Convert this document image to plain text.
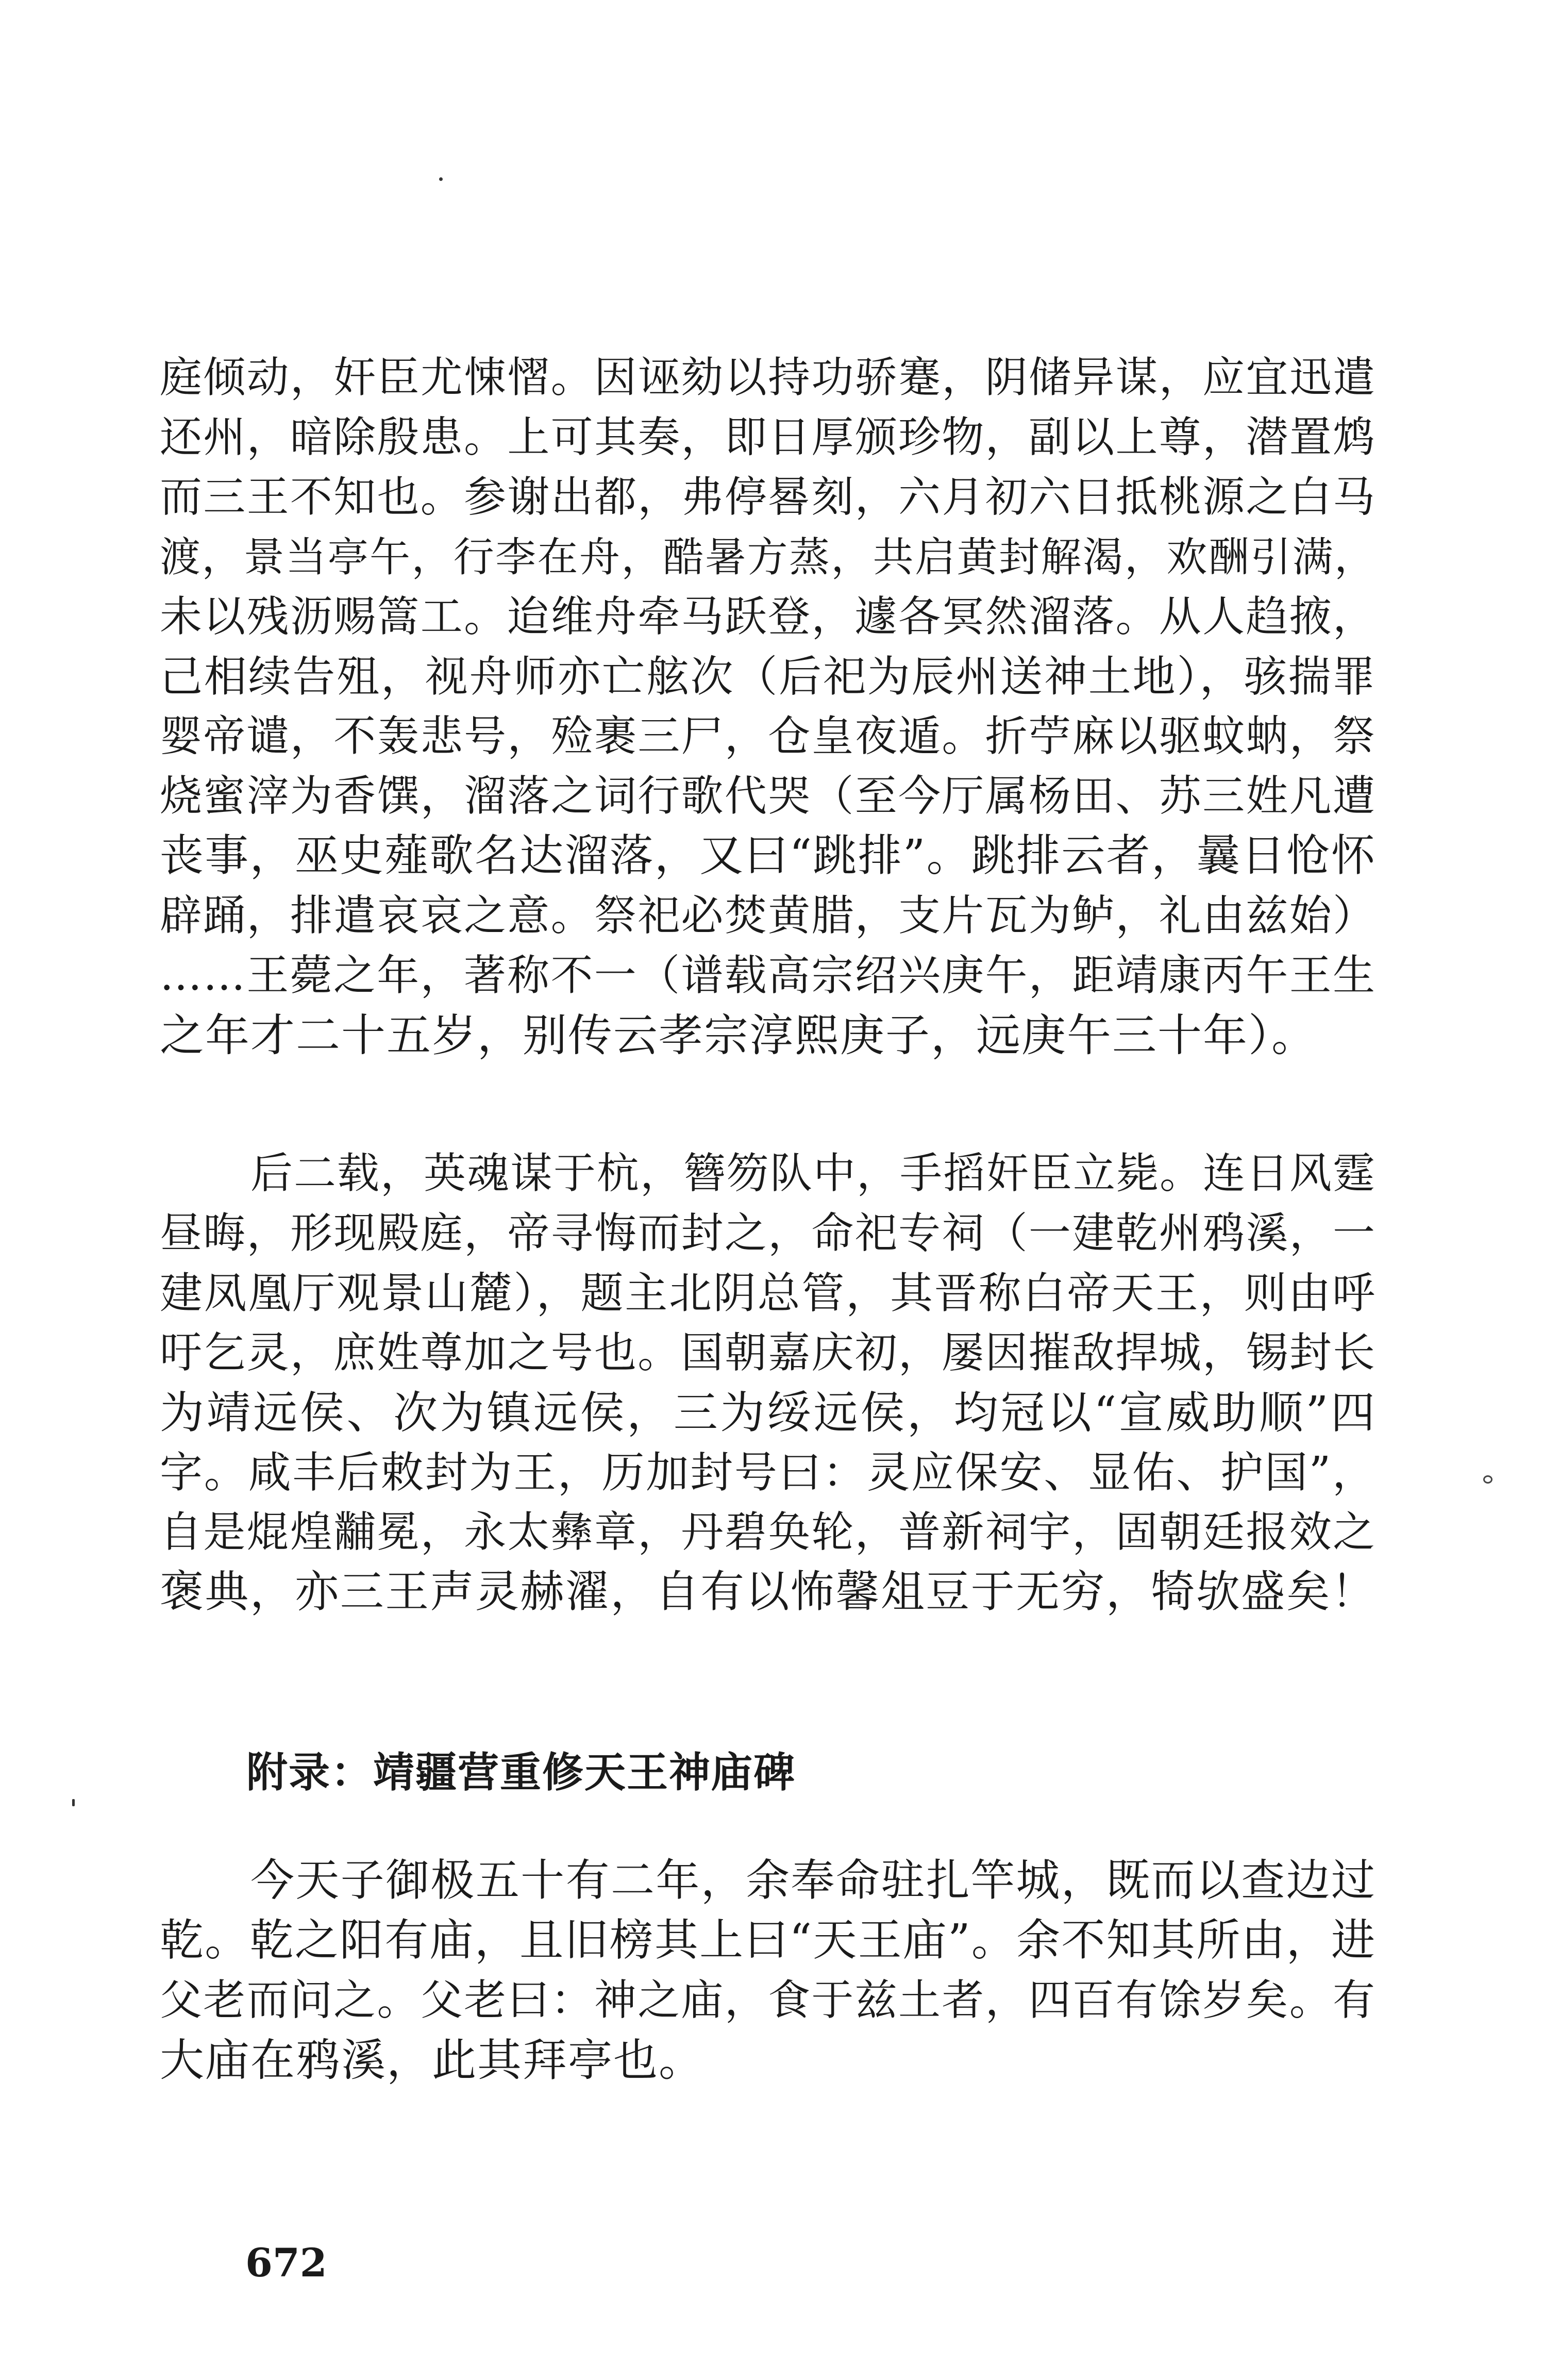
庭倾动，奸臣尤悚慴。因诬劾以持功骄蹇，阴储异谋，应宜迅遣
还州，暗除殷患。上可其奏，即日厚颁珍物，副以上尊，潜置鸩
而三王不知也。参谢出都，弗停晷刻，六月初六日抵桃源之白马
渡，景当亭午，行李在舟，酷暑方蒸，共启黄封解渴，欢酬引满，
未以残沥赐篙工。迨维舟牵马跃登，遽各冥然溜落。从人趋掖，
己相续告殂，视舟师亦亡舷次（后祀为辰州送神土地），骇揣罪
婴帝谴，不轰悲号，殓裹三尸，仓皇夜遁。折苧麻以驱蚊蚋，祭
烧蜜滓为香馔，溜落之词行歌代哭（至今厅属杨田、苏三姓凡遭
丧事，巫史薤歌名达溜落，又曰“跳排”。跳排云者，曩日怆怀
辟踊，排遣哀哀之意。祭祀必焚黄腊，支片瓦为鲈，礼由兹始）
……王薨之年，著称不一（谱载高宗绍兴庚午，距靖康丙午王生
之年才二十五岁，别传云孝宗淳熙庚子，远庚午三十年）。
后二载，英魂谋于杭，簪笏队中，手搯奸臣立毙。连日风霆
昼晦，形现殿庭，帝寻悔而封之，命祀专祠（一建乾州鸦溪，一
建凤凰厅观景山麓），题主北阴总管，其晋称白帝天王，则由呼
吁乞灵，庶姓尊加之号也。国朝嘉庆初，屡因摧敌捍城，锡封长
为靖远侯、次为镇远侯，三为绥远侯，均冠以“宣威助顺”四
字。咸丰后敕封为王，历加封号曰：灵应保安、显佑、护国”，
自是焜煌黼冕，永太彝章，丹碧奂轮，普新祠宇，固朝廷报效之
褒典，亦三王声灵赫濯，自有以怖馨俎豆于无穷，犄欤盛矣！
附录：靖疆营重修天王神庙碑
今天子御极五十有二年，余奉命驻扎竿城，既而以查边过
乾。乾之阳有庙，且旧榜其上曰“天王庙”。余不知其所由，进
父老而问之。父老曰：神之庙，食于兹土者，四百有馀岁矣。有
大庙在鸦溪，此其拜亭也。
672
